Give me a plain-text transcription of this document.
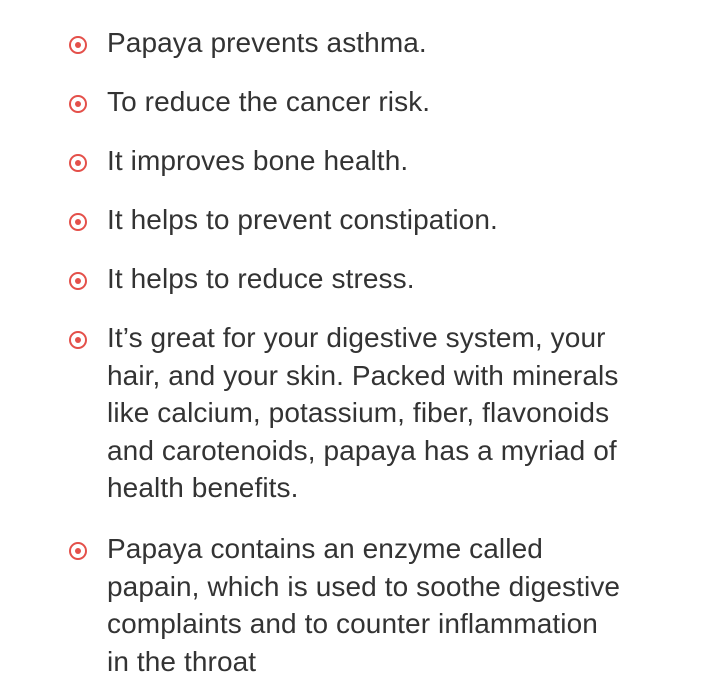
Papaya prevents asthma.
To reduce the cancer risk.
It improves bone health.
It helps to prevent constipation.
It helps to reduce stress.
It’s great for your digestive system, your
hair, and your skin. Packed with minerals
like calcium, potassium, fiber, flavonoids
and carotenoids, papaya has a myriad of
health benefits.
Papaya contains an enzyme called
papain, which is used to soothe digestive
complaints and to counter inflammation
in the throat
